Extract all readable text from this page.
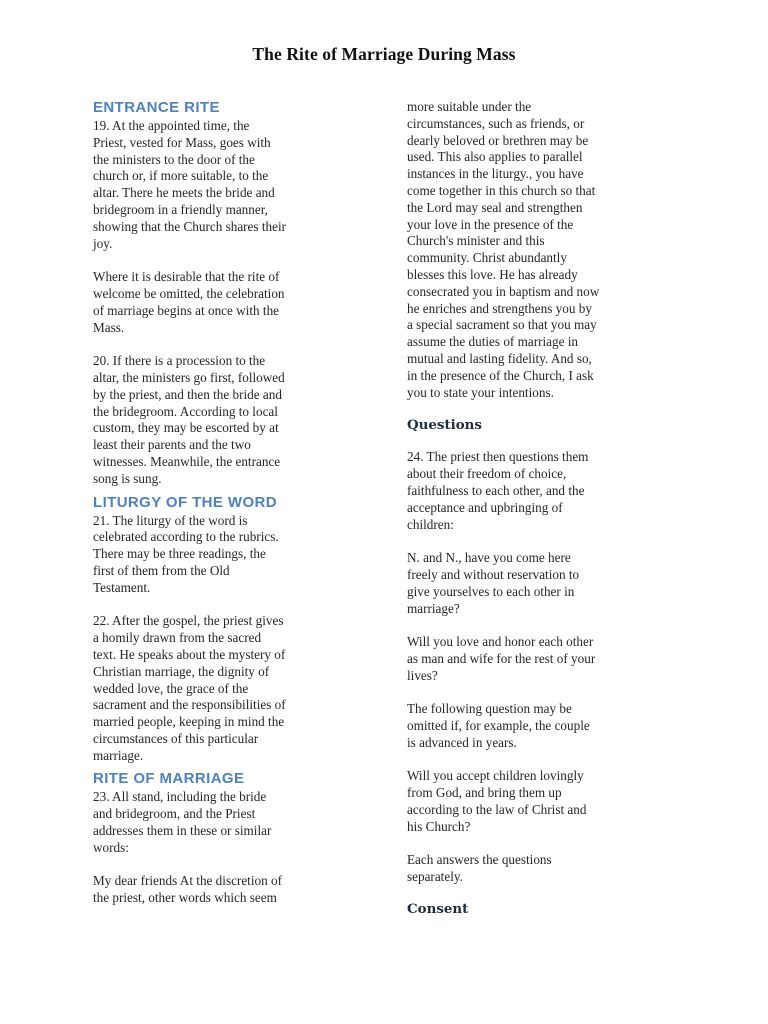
The Rite of Marriage During Mass
ENTRANCE RITE

19. At the appointed time, the
Priest, vested for Mass, goes with
the ministers to the door of the
church or, if more suitable, to the
altar. There he meets the bride and
bridegroom in a friendly manner,
showing that the Church shares their
joy.

Where it is desirable that the rite of
welcome be omitted, the celebration
of marriage begins at once with the
Mass.

20. If there is a procession to the
altar, the ministers go first, followed
by the priest, and then the bride and
the bridegroom. According to local
custom, they may be escorted by at
least their parents and the two
witnesses. Meanwhile, the entrance
song is sung.

LITURGY OF THE WORD

21. The liturgy of the word is
celebrated according to the rubrics.
There may be three readings, the
first of them from the Old
Testament.

22. After the gospel, the priest gives
a homily drawn from the sacred
text. He speaks about the mystery of
Christian marriage, the dignity of
wedded love, the grace of the
sacrament and the responsibilities of
married people, keeping in mind the
circumstances of this particular
marriage.

RITE OF MARRIAGE

23. All stand, including the bride
and bridegroom, and the Priest
addresses them in these or similar
words:

My dear friends At the discretion of
the priest, other words which seem

more suitable under the
circumstances, such as friends, or
dearly beloved or brethren may be
used. This also applies to parallel
instances in the liturgy., you have
come together in this church so that
the Lord may seal and strengthen
your love in the presence of the
Church's minister and this
community. Christ abundantly
blesses this love. He has already
consecrated you in baptism and now
he enriches and strengthens you by
a special sacrament so that you may
assume the duties of marriage in
mutual and lasting fidelity. And so,
in the presence of the Church, I ask
you to state your intentions.

Questions

24. The priest then questions them
about their freedom of choice,
faithfulness to each other, and the
acceptance and upbringing of
children:

N. and N., have you come here
freely and without reservation to
give yourselves to each other in
marriage?

Will you love and honor each other
as man and wife for the rest of your
lives?

The following question may be
omitted if, for example, the couple
is advanced in years.

Will you accept children lovingly
from God, and bring them up
according to the law of Christ and
his Church?

Each answers the questions
separately.

Consent
